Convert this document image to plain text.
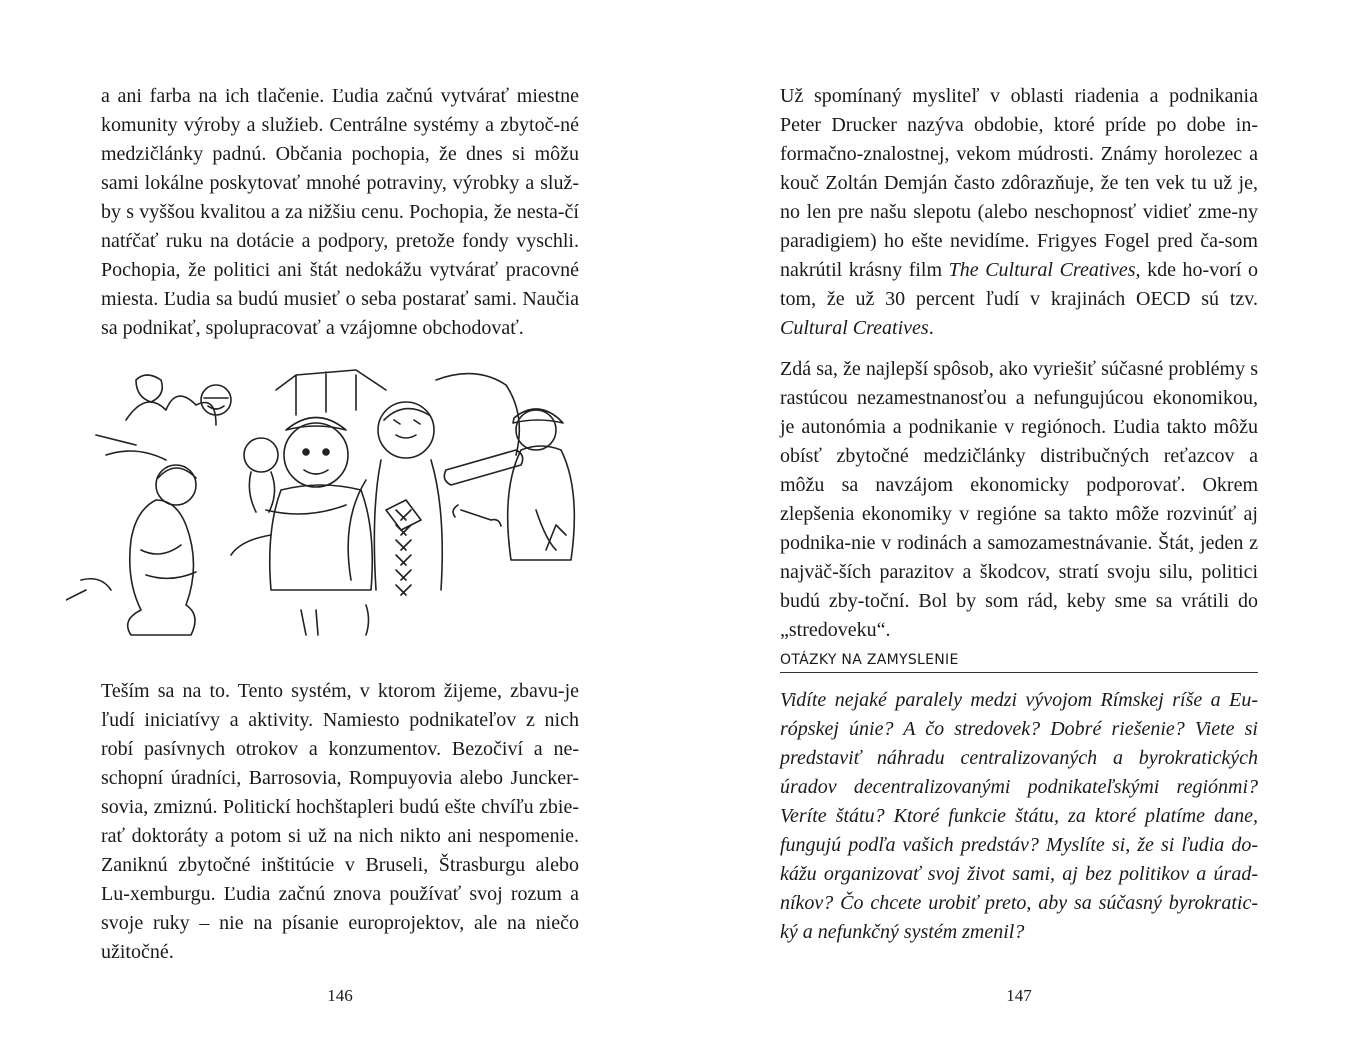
a ani farba na ich tlačenie. Ľudia začnú vytvárať miestne komunity výroby a služieb. Centrálne systémy a zbytoč-né medzičlánky padnú. Občania pochopia, že dnes si môžu sami lokálne poskytovať mnohé potraviny, výrobky a služ-by s vyššou kvalitou a za nižšiu cenu. Pochopia, že nesta-čí natŕčať ruku na dotácie a podpory, pretože fondy vyschli. Pochopia, že politici ani štát nedokážu vytvárať pracovné miesta. Ľudia sa budú musieť o seba postarať sami. Naučia sa podnikať, spolupracovať a vzájomne obchodovať.

Teším sa na to. Tento systém, v ktorom žijeme, zbavu-je ľudí iniciatívy a aktivity. Namiesto podnikateľov z nich robí pasívnych otrokov a konzumentov. Bezočiví a ne-schopní úradníci, Barrosovia, Rompuyovia alebo Juncker-sovia, zmiznú. Politickí hochštapleri budú ešte chvíľu zbie-rať doktoráty a potom si už na nich nikto ani nespomenie. Zaniknú zbytočné inštitúcie v Bruseli, Štrasburgu alebo Lu-xemburgu. Ľudia začnú znova používať svoj rozum a svoje ruky – nie na písanie europrojektov, ale na niečo užitočné.

146

Už spomínaný mysliteľ v oblasti riadenia a podnikania Peter Drucker nazýva obdobie, ktoré príde po dobe in-formačno-znalostnej, vekom múdrosti. Známy horolezec a kouč Zoltán Demján často zdôrazňuje, že ten vek tu už je, no len pre našu slepotu (alebo neschopnosť vidieť zme-ny paradigiem) ho ešte nevidíme. Frigyes Fogel pred ča-som nakrútil krásny film The Cultural Creatives, kde ho-vorí o tom, že už 30 percent ľudí v krajinách OECD sú tzv. Cultural Creatives.

Zdá sa, že najlepší spôsob, ako vyriešiť súčasné problémy s rastúcou nezamestnanosťou a nefungujúcou ekonomikou, je autonómia a podnikanie v regiónoch. Ľudia takto môžu obísť zbytočné medzičlánky distribučných reťazcov a môžu sa navzájom ekonomicky podporovať. Okrem zlepšenia ekonomiky v regióne sa takto môže rozvinúť aj podnika-nie v rodinách a samozamestnávanie. Štát, jeden z najväč-ších parazitov a škodcov, stratí svoju silu, politici budú zby-toční. Bol by som rád, keby sme sa vrátili do „stredoveku“.

OTÁZKY NA ZAMYSLENIE
Vidíte nejaké paralely medzi vývojom Rímskej ríše a Eu-rópskej únie? A čo stredovek? Dobré riešenie? Viete si predstaviť náhradu centralizovaných a byrokratických úradov decentralizovanými podnikateľskými regiónmi? Veríte štátu? Ktoré funkcie štátu, za ktoré platíme dane, fungujú podľa vašich predstáv? Myslíte si, že si ľudia do-kážu organizovať svoj život sami, aj bez politikov a úrad-níkov? Čo chcete urobiť preto, aby sa súčasný byrokratic-ký a nefunkčný systém zmenil?
147
